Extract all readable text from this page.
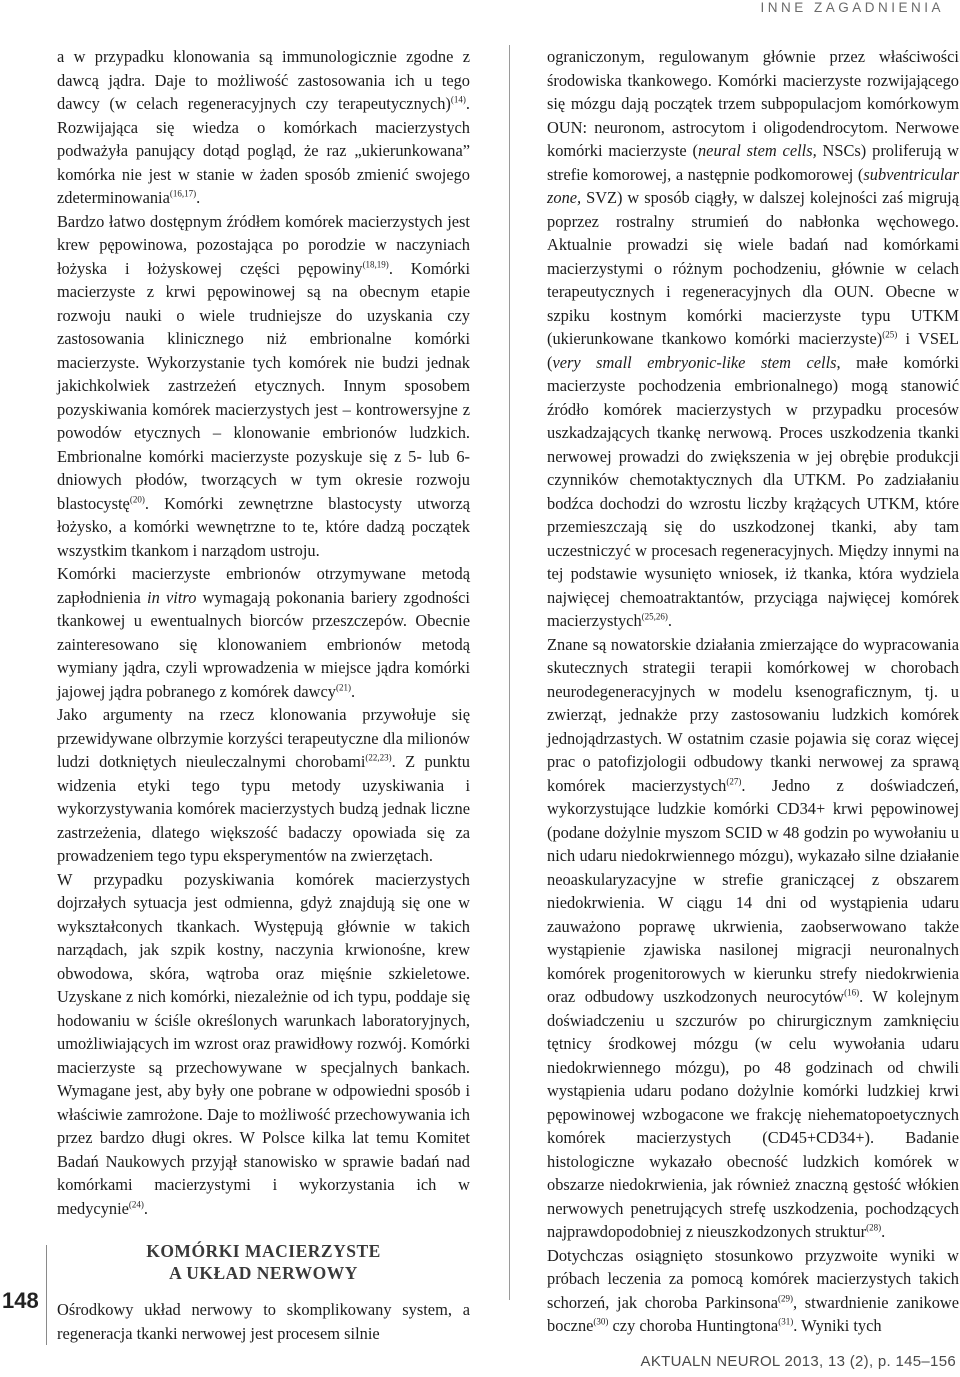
INNE ZAGADNIENIA

a w przypadku klonowania są immunologicznie zgodne z dawcą jądra. Daje to możliwość zastosowania ich u tego dawcy (w celach regeneracyjnych czy terapeutycznych)$^{(14)}$. Rozwijająca się wiedza o komórkach macierzystych podważyła panujący dotąd pogląd, że raz „ukierunkowana” komórka nie jest w stanie w żaden sposób zmienić swojego zdeterminowania$^{(16,17)}$.

Bardzo łatwo dostępnym źródłem komórek macierzystych jest krew pępowinowa, pozostająca po porodzie w naczyniach łożyska i łożyskowej części pępowiny$^{(18,19)}$. Komórki macierzyste z krwi pępowinowej są na obecnym etapie rozwoju nauki o wiele trudniejsze do uzyskania czy zastosowania klinicznego niż embrionalne komórki macierzyste. Wykorzystanie tych komórek nie budzi jednak jakichkolwiek zastrzeżeń etycznych. Innym sposobem pozyskiwania komórek macierzystych jest – kontrowersyjne z powodów etycznych – klonowanie embrionów ludzkich. Embrionalne komórki macierzyste pozyskuje się z 5- lub 6-dniowych płodów, tworzących w tym okresie rozwoju blastocystę$^{(20)}$. Komórki zewnętrzne blastocysty utworzą łożysko, a komórki wewnętrzne to te, które dadzą początek wszystkim tkankom i narządom ustroju.

Komórki macierzyste embrionów otrzymywane metodą zapłodnienia in vitro wymagają pokonania bariery zgodności tkankowej u ewentualnych biorców przeszczepów. Obecnie zainteresowano się klonowaniem embrionów metodą wymiany jądra, czyli wprowadzenia w miejsce jądra komórki jajowej jądra pobranego z komórek dawcy$^{(21)}$.

Jako argumenty na rzecz klonowania przywołuje się przewidywane olbrzymie korzyści terapeutyczne dla milionów ludzi dotkniętych nieuleczalnymi chorobami$^{(22,23)}$. Z punktu widzenia etyki tego typu metody uzyskiwania i wykorzystywania komórek macierzystych budzą jednak liczne zastrzeżenia, dlatego większość badaczy opowiada się za prowadzeniem tego typu eksperymentów na zwierzętach.

W przypadku pozyskiwania komórek macierzystych dojrzałych sytuacja jest odmienna, gdyż znajdują się one w wykształconych tkankach. Występują głównie w takich narządach, jak szpik kostny, naczynia krwionośne, krew obwodowa, skóra, wątroba oraz mięśnie szkieletowe. Uzyskane z nich komórki, niezależnie od ich typu, poddaje się hodowaniu w ściśle określonych warunkach laboratoryjnych, umożliwiających im wzrost oraz prawidłowy rozwój. Komórki macierzyste są przechowywane w specjalnych bankach. Wymagane jest, aby były one pobrane w odpowiedni sposób i właściwie zamrożone. Daje to możliwość przechowywania ich przez bardzo długi okres. W Polsce kilka lat temu Komitet Badań Naukowych przyjął stanowisko w sprawie badań nad komórkami macierzystymi i wykorzystania ich w medycynie$^{(24)}$.

KOMÓRKI MACIERZYSTE
A UKŁAD NERWOWY

Ośrodkowy układ nerwowy to skomplikowany system, a regeneracja tkanki nerwowej jest procesem silnie

ograniczonym, regulowanym głównie przez właściwości środowiska tkankowego. Komórki macierzyste rozwijającego się mózgu dają początek trzem subpopulacjom komórkowym OUN: neuronom, astrocytom i oligodendrocytom. Nerwowe komórki macierzyste (neural stem cells, NSCs) proliferują w strefie komorowej, a następnie podkomorowej (subventricular zone, SVZ) w sposób ciągły, w dalszej kolejności zaś migrują poprzez rostralny strumień do nabłonka węchowego. Aktualnie prowadzi się wiele badań nad komórkami macierzystymi o różnym pochodzeniu, głównie w celach terapeutycznych i regeneracyjnych dla OUN. Obecne w szpiku kostnym komórki macierzyste typu UTKM (ukierunkowane tkankowo komórki macierzyste)$^{(25)}$ i VSEL (very small embryonic-like stem cells, małe komórki macierzyste pochodzenia embrionalnego) mogą stanowić źródło komórek macierzystych w przypadku procesów uszkadzających tkankę nerwową. Proces uszkodzenia tkanki nerwowej prowadzi do zwiększenia w jej obrębie produkcji czynników chemotaktycznych dla UTKM. Po zadziałaniu bodźca dochodzi do wzrostu liczby krążących UTKM, które przemieszczają się do uszkodzonej tkanki, aby tam uczestniczyć w procesach regeneracyjnych. Między innymi na tej podstawie wysunięto wniosek, iż tkanka, która wydziela najwięcej chemoatraktantów, przyciąga najwięcej komórek macierzystych$^{(25,26)}$.

Znane są nowatorskie działania zmierzające do wypracowania skutecznych strategii terapii komórkowej w chorobach neurodegeneracyjnych w modelu ksenograficznym, tj. u zwierząt, jednakże przy zastosowaniu ludzkich komórek jednojądrzastych. W ostatnim czasie pojawia się coraz więcej prac o patofizjologii odbudowy tkanki nerwowej za sprawą komórek macierzystych$^{(27)}$. Jedno z doświadczeń, wykorzystujące ludzkie komórki CD34+ krwi pępowinowej (podane dożylnie myszom SCID w 48 godzin po wywołaniu u nich udaru niedokrwiennego mózgu), wykazało silne działanie neoaskularyzacyjne w strefie graniczącej z obszarem niedokrwienia. W ciągu 14 dni od wystąpienia udaru zauważono poprawę ukrwienia, zaobserwowano także wystąpienie zjawiska nasilonej migracji neuronalnych komórek progenitorowych w kierunku strefy niedokrwienia oraz odbudowy uszkodzonych neurocytów$^{(16)}$. W kolejnym doświadczeniu u szczurów po chirurgicznym zamknięciu tętnicy środkowej mózgu (w celu wywołania udaru niedokrwiennego mózgu), po 48 godzinach od chwili wystąpienia udaru podano dożylnie komórki ludzkiej krwi pępowinowej wzbogacone we frakcję niehematopoetycznych komórek macierzystych (CD45+CD34+). Badanie histologiczne wykazało obecność ludzkich komórek w obszarze niedokrwienia, jak również znaczną gęstość włókien nerwowych penetrujących strefę uszkodzenia, pochodzących najprawdopodobniej z nieuszkodzonych struktur$^{(28)}$.

Dotychczas osiągnięto stosunkowo przyzwoite wyniki w próbach leczenia za pomocą komórek macierzystych takich schorzeń, jak choroba Parkinsona$^{(29)}$, stwardnienie zanikowe boczne$^{(30)}$ czy choroba Huntingtona$^{(31)}$. Wyniki tych

148
AKTUALN NEUROL 2013, 13 (2), p. 145–156
